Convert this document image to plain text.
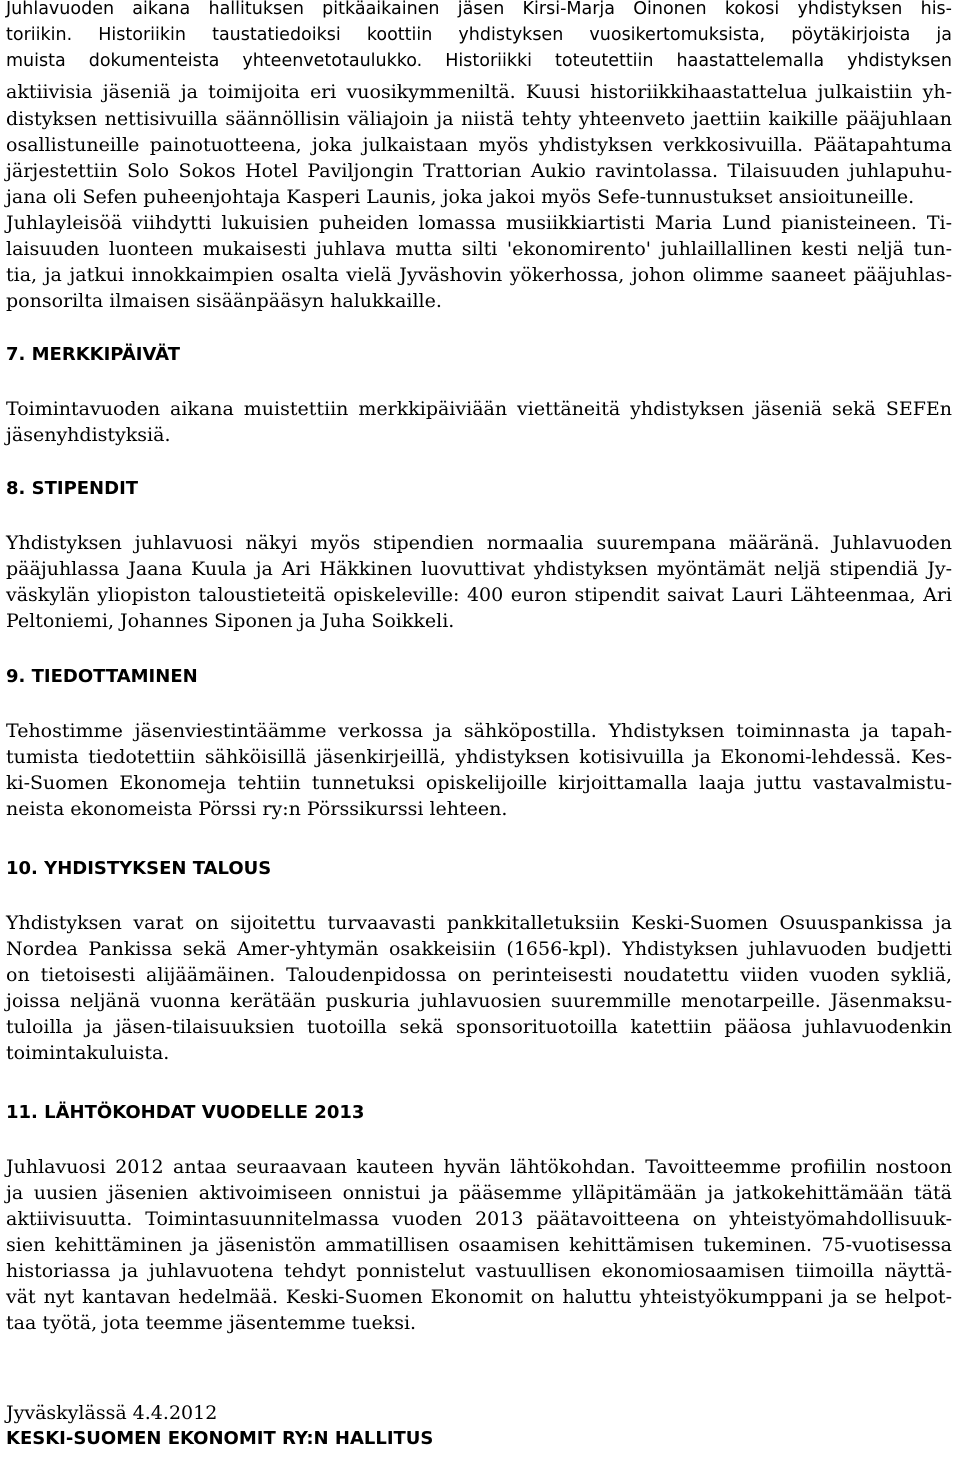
Juhlavuoden aikana hallituksen pitkäaikainen jäsen Kirsi-Marja Oinonen kokosi yhdistyksen his-
toriikin. Historiikin taustatiedoiksi koottiin yhdistyksen vuosikertomuksista, pöytäkirjoista ja
muista dokumenteista yhteenvetotaulukko. Historiikki toteutettiin haastattelemalla yhdistyksen
aktiivisia jäseniä ja toimijoita eri vuosikymmeniltä. Kuusi historiikkihaastattelua julkaistiin yh-
distyksen nettisivuilla säännöllisin väliajoin ja niistä tehty yhteenveto jaettiin kaikille pääjuhlaan
osallistuneille painotuotteena, joka julkaistaan myös yhdistyksen verkkosivuilla. Päätapahtuma
järjestettiin Solo Sokos Hotel Paviljongin Trattorian Aukio ravintolassa. Tilaisuuden juhlapuhu-
jana oli Sefen puheenjohtaja Kasperi Launis, joka jakoi myös Sefe-tunnustukset ansioituneille.
Juhlayleisöä viihdytti lukuisien puheiden lomassa musiikkiartisti Maria Lund pianisteineen. Ti-
laisuuden luonteen mukaisesti juhlava mutta silti 'ekonomirento' juhlaillallinen kesti neljä tun-
tia, ja jatkui innokkaimpien osalta vielä Jyväshovin yökerhossa, johon olimme saaneet pääjuhlas-
ponsorilta ilmaisen sisäänpääsyn halukkaille.
7. MERKKIPÄIVÄT
Toimintavuoden aikana muistettiin merkkipäiviään viettäneitä yhdistyksen jäseniä sekä SEFEn
jäsenyhdistyksiä.
8. STIPENDIT
Yhdistyksen juhlavuosi näkyi myös stipendien normaalia suurempana määränä. Juhlavuoden
pääjuhlassa Jaana Kuula ja Ari Häkkinen luovuttivat yhdistyksen myöntämät neljä stipendiä Jy-
väskylän yliopiston taloustieteitä opiskeleville: 400 euron stipendit saivat Lauri Lähteenmaa, Ari
Peltoniemi, Johannes Siponen ja Juha Soikkeli.
9. TIEDOTTAMINEN
Tehostimme jäsenviestintäämme verkossa ja sähköpostilla. Yhdistyksen toiminnasta ja tapah-
tumista tiedotettiin sähköisillä jäsenkirjeillä, yhdistyksen kotisivuilla ja Ekonomi-lehdessä. Kes-
ki-Suomen Ekonomeja tehtiin tunnetuksi opiskelijoille kirjoittamalla laaja juttu vastavalmistu-
neista ekonomeista Pörssi ry:n Pörssikurssi lehteen.
10. YHDISTYKSEN TALOUS
Yhdistyksen varat on sijoitettu turvaavasti pankkitalletuksiin Keski-Suomen Osuuspankissa ja
Nordea Pankissa sekä Amer-yhtymän osakkeisiin (1656-kpl). Yhdistyksen juhlavuoden budjetti
on tietoisesti alijäämäinen. Taloudenpidossa on perinteisesti noudatettu viiden vuoden sykliä,
joissa neljänä vuonna kerätään puskuria juhlavuosien suuremmille menotarpeille. Jäsenmaksu-
tuloilla ja jäsen-tilaisuuksien tuotoilla sekä sponsorituotoilla katettiin pääosa juhlavuodenkin
toimintakuluista.
11. LÄHTÖKOHDAT VUODELLE 2013
Juhlavuosi 2012 antaa seuraavaan kauteen hyvän lähtökohdan. Tavoitteemme profiilin nostoon
ja uusien jäsenien aktivoimiseen onnistui ja pääsemme ylläpitämään ja jatkokehittämään tätä
aktiivisuutta. Toimintasuunnitelmassa vuoden 2013 päätavoitteena on yhteistyömahdollisuuk-
sien kehittäminen ja jäsenistön ammatillisen osaamisen kehittämisen tukeminen. 75-vuotisessa
historiassa ja juhlavuotena tehdyt ponnistelut vastuullisen ekonomiosaamisen tiimoilla näyttä-
vät nyt kantavan hedelmää. Keski-Suomen Ekonomit on haluttu yhteistyökumppani ja se helpot-
taa työtä, jota teemme jäsentemme tueksi.
Jyväskylässä 4.4.2012
KESKI-SUOMEN EKONOMIT RY:N HALLITUS
